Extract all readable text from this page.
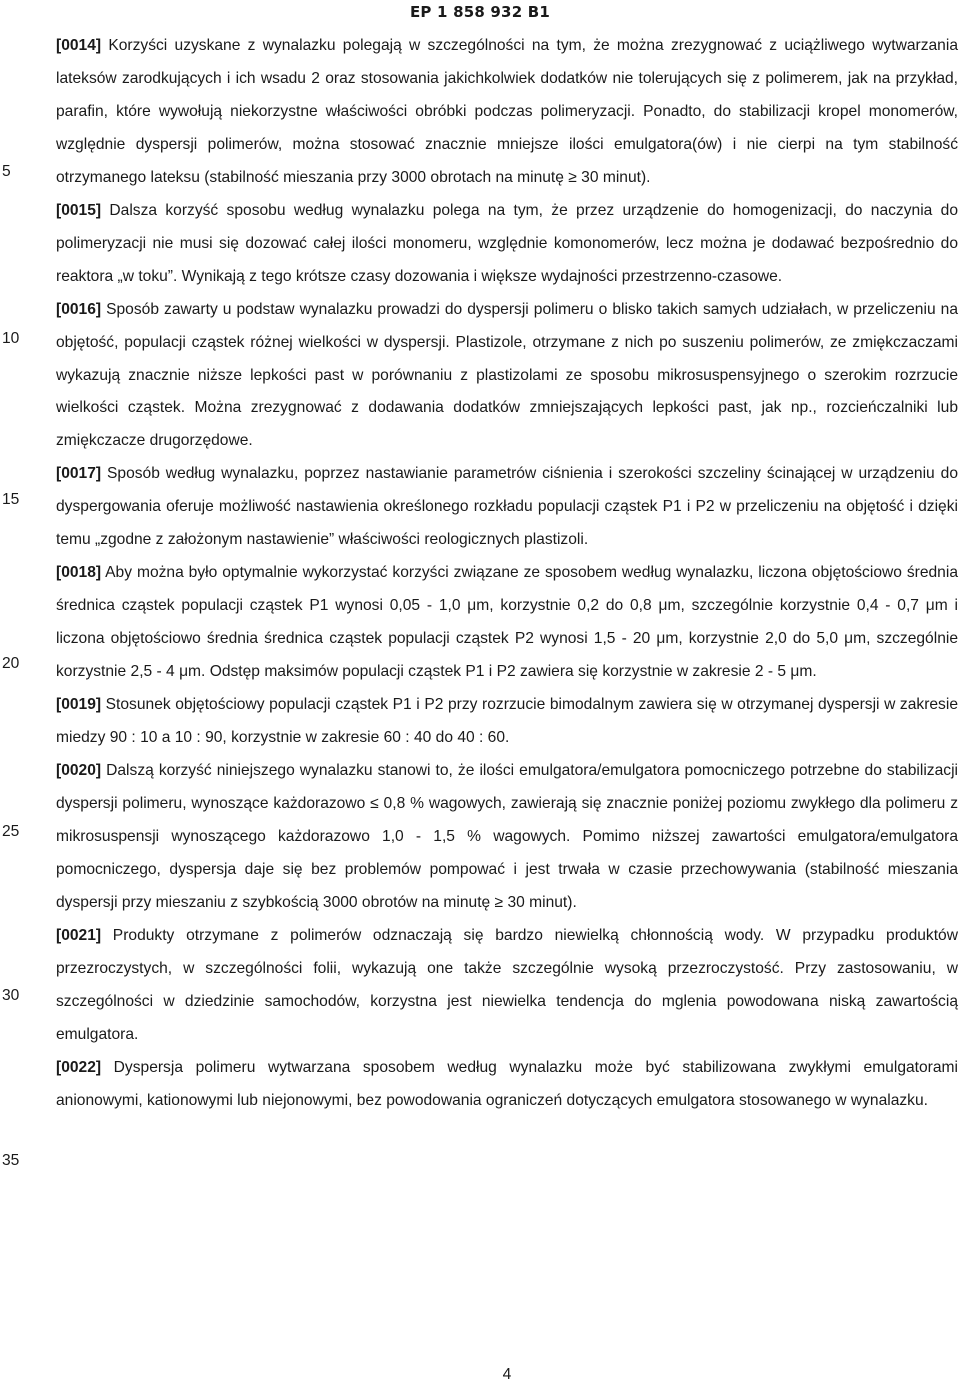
EP 1 858 932 B1
5
10
15
20
25
30
35
[0014] Korzyści uzyskane z wynalazku polegają w szczególności na tym, że można zrezygnować z uciążliwego wytwarzania lateksów zarodkujących i ich wsadu 2 oraz stosowania jakichkolwiek dodatków nie tolerujących się z polimerem, jak na przykład, parafin, które wywołują niekorzystne właściwości obróbki podczas polimeryzacji. Ponadto, do stabilizacji kropel monomerów, względnie dyspersji polimerów, można stosować znacznie mniejsze ilości emulgatora(ów) i nie cierpi na tym stabilność otrzymanego lateksu (stabilność mieszania przy 3000 obrotach na minutę ≥ 30 minut).
[0015] Dalsza korzyść sposobu według wynalazku polega na tym, że przez urządzenie do homogenizacji, do naczynia do polimeryzacji nie musi się dozować całej ilości monomeru, względnie komonomerów, lecz można je dodawać bezpośrednio do reaktora „w toku”. Wynikają z tego krótsze czasy dozowania i większe wydajności przestrzenno-czasowe.
[0016] Sposób zawarty u podstaw wynalazku prowadzi do dyspersji polimeru o blisko takich samych udziałach, w przeliczeniu na objętość, populacji cząstek różnej wielkości w dyspersji. Plastizole, otrzymane z nich po suszeniu polimerów, ze zmiękczaczami wykazują znacznie niższe lepkości past w porównaniu z plastizolami ze sposobu mikrosuspensyjnego o szerokim rozrzucie wielkości cząstek. Można zrezygnować z dodawania dodatków zmniejszających lepkości past, jak np., rozcieńczalniki lub zmiękczacze drugorzędowe.
[0017] Sposób według wynalazku, poprzez nastawianie parametrów ciśnienia i szerokości szczeliny ścinającej w urządzeniu do dyspergowania oferuje możliwość nastawienia określonego rozkładu populacji cząstek P1 i P2 w przeliczeniu na objętość i dzięki temu „zgodne z założonym nastawienie” właściwości reologicznych plastizoli.
[0018] Aby można było optymalnie wykorzystać korzyści związane ze sposobem według wynalazku, liczona objętościowo średnia średnica cząstek populacji cząstek P1 wynosi 0,05 - 1,0 μm, korzystnie 0,2 do 0,8 μm, szczególnie korzystnie 0,4 - 0,7 μm i liczona objętościowo średnia średnica cząstek populacji cząstek P2 wynosi 1,5 - 20 μm, korzystnie 2,0 do 5,0 μm, szczególnie korzystnie 2,5 - 4 μm. Odstęp maksimów populacji cząstek P1 i P2 zawiera się korzystnie w zakresie 2 - 5 μm.
[0019] Stosunek objętościowy populacji cząstek P1 i P2 przy rozrzucie bimodalnym zawiera się w otrzymanej dyspersji w zakresie miedzy 90 : 10 a 10 : 90, korzystnie w zakresie 60 : 40 do 40 : 60.
[0020] Dalszą korzyść niniejszego wynalazku stanowi to, że ilości emulgatora/emulgatora pomocniczego potrzebne do stabilizacji dyspersji polimeru, wynoszące każdorazowo ≤ 0,8 % wagowych, zawierają się znacznie poniżej poziomu zwykłego dla polimeru z mikrosuspensji wynoszącego każdorazowo 1,0 - 1,5 % wagowych. Pomimo niższej zawartości emulgatora/emulgatora pomocniczego, dyspersja daje się bez problemów pompować i jest trwała w czasie przechowywania (stabilność mieszania dyspersji przy mieszaniu z szybkością 3000 obrotów na minutę ≥ 30 minut).
[0021] Produkty otrzymane z polimerów odznaczają się bardzo niewielką chłonnością wody. W przypadku produktów przezroczystych, w szczególności folii, wykazują one także szczególnie wysoką przezroczystość. Przy zastosowaniu, w szczególności w dziedzinie samochodów, korzystna jest niewielka tendencja do mglenia powodowana niską zawartością emulgatora.
[0022] Dyspersja polimeru wytwarzana sposobem według wynalazku może być stabilizowana zwykłymi emulgatorami anionowymi, kationowymi lub niejonowymi, bez powodowania ograniczeń dotyczących emulgatora stosowanego w wynalazku.
4
